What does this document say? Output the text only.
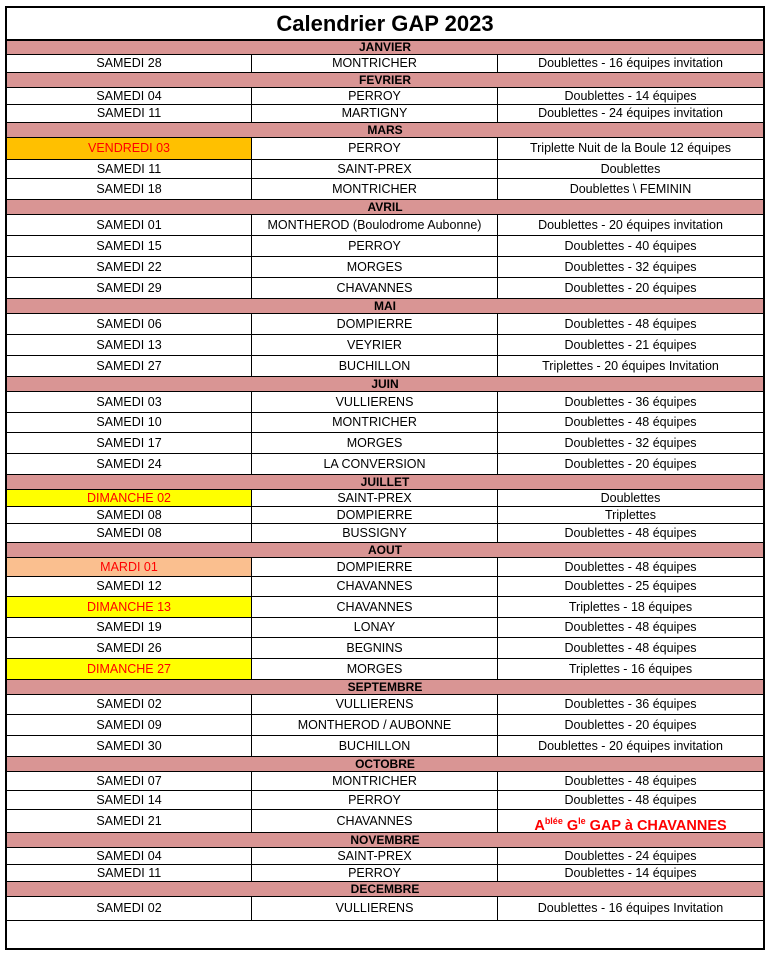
Calendrier GAP 2023
JANVIER
SAMEDI 28	MONTRICHER	Doublettes - 16 équipes invitation
FEVRIER
SAMEDI 04	PERROY	Doublettes - 14 équipes
SAMEDI 11	MARTIGNY	Doublettes - 24 équipes invitation
MARS
VENDREDI 03	PERROY	Triplette Nuit de la Boule 12 équipes
SAMEDI 11	SAINT-PREX	Doublettes
SAMEDI 18	MONTRICHER	Doublettes \ FEMININ
AVRIL
SAMEDI 01	MONTHEROD (Boulodrome Aubonne)	Doublettes - 20 équipes invitation
SAMEDI 15	PERROY	Doublettes - 40 équipes
SAMEDI 22	MORGES	Doublettes - 32 équipes
SAMEDI 29	CHAVANNES	Doublettes - 20 équipes
MAI
SAMEDI 06	DOMPIERRE	Doublettes - 48 équipes
SAMEDI 13	VEYRIER	Doublettes - 21 équipes
SAMEDI 27	BUCHILLON	Triplettes - 20 équipes Invitation
JUIN
SAMEDI 03	VULLIERENS	Doublettes - 36 équipes
SAMEDI 10	MONTRICHER	Doublettes - 48 équipes
SAMEDI 17	MORGES	Doublettes - 32 équipes
SAMEDI 24	LA CONVERSION	Doublettes - 20 équipes
JUILLET
DIMANCHE 02	SAINT-PREX	Doublettes
SAMEDI 08	DOMPIERRE	Triplettes
SAMEDI 08	BUSSIGNY	Doublettes - 48 équipes
AOUT
MARDI 01	DOMPIERRE	Doublettes - 48 équipes
SAMEDI 12	CHAVANNES	Doublettes - 25 équipes
DIMANCHE 13	CHAVANNES	Triplettes - 18 équipes
SAMEDI 19	LONAY	Doublettes - 48 équipes
SAMEDI 26	BEGNINS	Doublettes - 48 équipes
DIMANCHE 27	MORGES	Triplettes - 16 équipes
SEPTEMBRE
SAMEDI 02	VULLIERENS	Doublettes - 36 équipes
SAMEDI 09	MONTHEROD / AUBONNE	Doublettes - 20 équipes
SAMEDI 30	BUCHILLON	Doublettes - 20 équipes invitation
OCTOBRE
SAMEDI 07	MONTRICHER	Doublettes - 48 équipes
SAMEDI 14	PERROY	Doublettes - 48 équipes
SAMEDI 21	CHAVANNES	$A^{blée}$ $G^{le}$ GAP à CHAVANNES
NOVEMBRE
SAMEDI 04	SAINT-PREX	Doublettes - 24 équipes
SAMEDI 11	PERROY	Doublettes - 14 équipes
DECEMBRE
SAMEDI 02	VULLIERENS	Doublettes - 16 équipes Invitation
